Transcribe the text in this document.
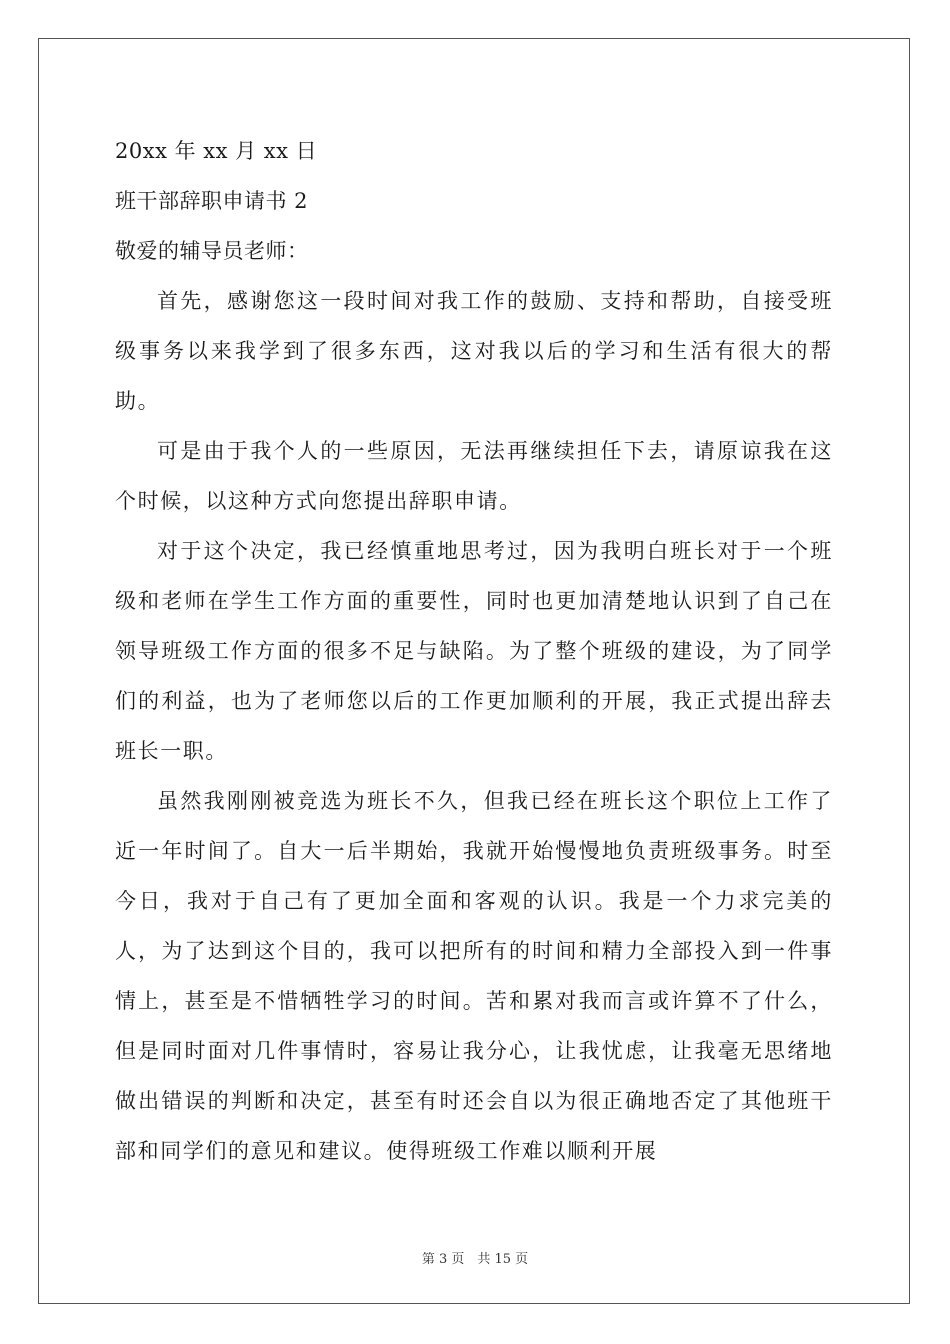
20xx 年 xx 月 xx 日
班干部辞职申请书 2
敬爱的辅导员老师：

首先，感谢您这一段时间对我工作的鼓励、支持和帮助，自接受班级事务以来我学到了很多东西，这对我以后的学习和生活有很大的帮助。

可是由于我个人的一些原因，无法再继续担任下去，请原谅我在这个时候，以这种方式向您提出辞职申请。

对于这个决定，我已经慎重地思考过，因为我明白班长对于一个班级和老师在学生工作方面的重要性，同时也更加清楚地认识到了自己在领导班级工作方面的很多不足与缺陷。为了整个班级的建设，为了同学们的利益，也为了老师您以后的工作更加顺利的开展，我正式提出辞去班长一职。

虽然我刚刚被竞选为班长不久，但我已经在班长这个职位上工作了近一年时间了。自大一后半期始，我就开始慢慢地负责班级事务。时至今日，我对于自己有了更加全面和客观的认识。我是一个力求完美的人，为了达到这个目的，我可以把所有的时间和精力全部投入到一件事情上，甚至是不惜牺牲学习的时间。苦和累对我而言或许算不了什么，但是同时面对几件事情时，容易让我分心，让我忧虑，让我毫无思绪地做出错误的判断和决定，甚至有时还会自以为很正确地否定了其他班干部和同学们的意见和建议。使得班级工作难以顺利开展

第 3 页　共 15 页
